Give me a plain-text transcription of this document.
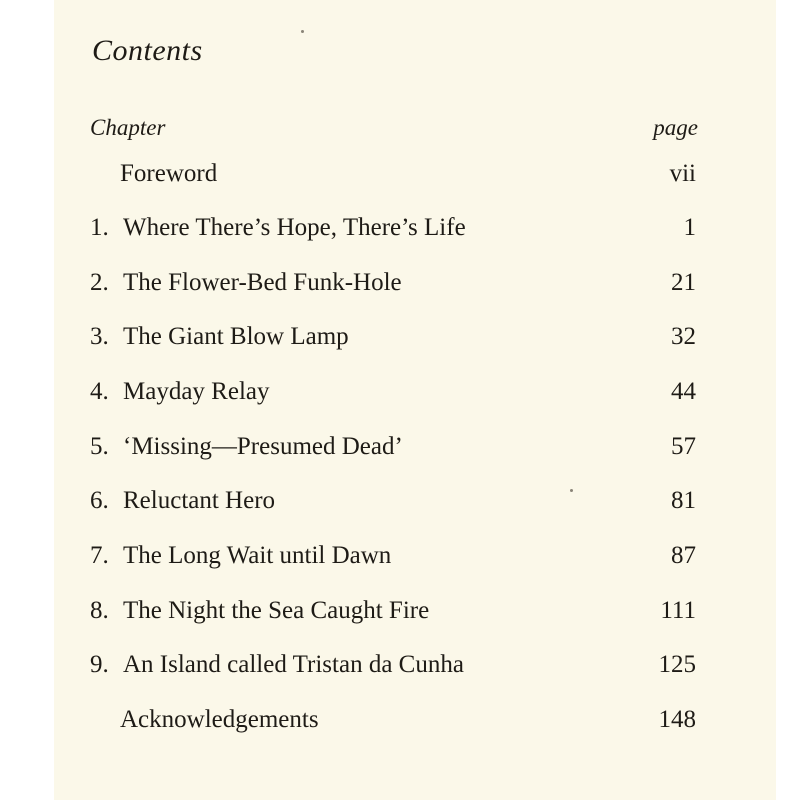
Contents
Chapter	page
Foreword	vii
1. Where There’s Hope, There’s Life	1
2. The Flower-Bed Funk-Hole	21
3. The Giant Blow Lamp	32
4. Mayday Relay	44
5. ‘Missing—Presumed Dead’	57
6. Reluctant Hero	81
7. The Long Wait until Dawn	87
8. The Night the Sea Caught Fire	111
9. An Island called Tristan da Cunha	125
Acknowledgements	148
